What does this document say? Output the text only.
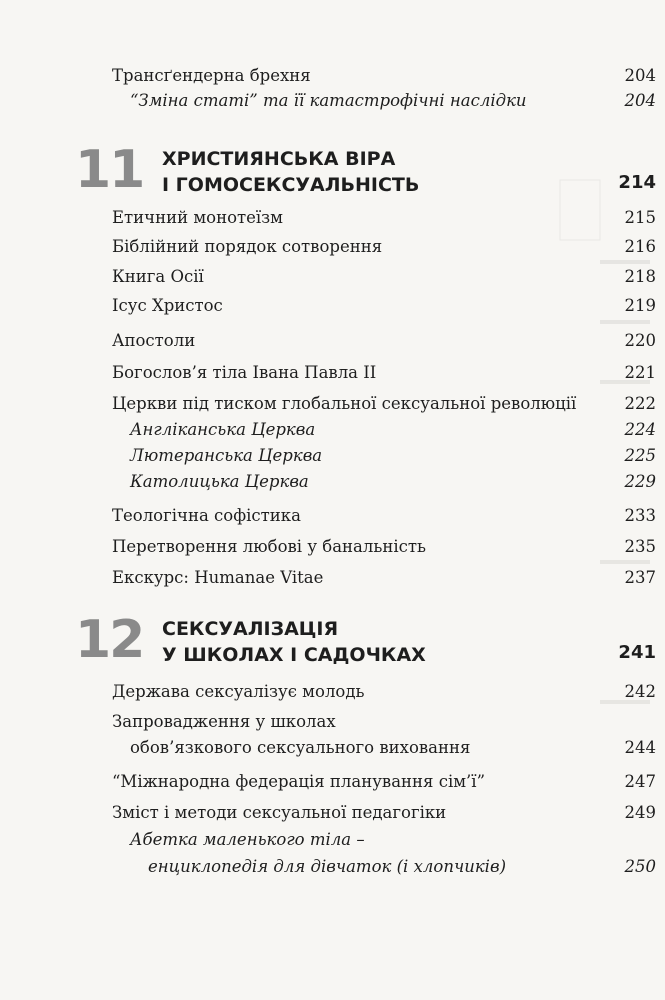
Трансґендерна брехня	204
“Зміна статі” та її катастрофічні наслідки	204
11 ХРИСТИЯНСЬКА ВІРА
І ГОМОСЕКСУАЛЬНІСТЬ	214
Етичний монотеїзм	215
Біблійний порядок сотворення	216
Книга Осії	218
Ісус Христос	219
Апостоли	220
Богослов’я тіла Івана Павла ІІ	221
Церкви під тиском глобальної сексуальної революції	222
Англіканська Церква	224
Лютеранська Церква	225
Католицька Церква	229
Теологічна софістика	233
Перетворення любові у банальність	235
Екскурс: Humanae Vitae	237
12 СЕКСУАЛІЗАЦІЯ
У ШКОЛАХ І САДОЧКАХ	241
Держава сексуалізує молодь	242
Запровадження у школах
обов’язкового сексуального виховання	244
“Міжнародна федерація планування сім’ї”	247
Зміст і методи сексуальної педагогіки	249
Абетка маленького тіла –
енциклопедія для дівчаток (і хлопчиків)	250
